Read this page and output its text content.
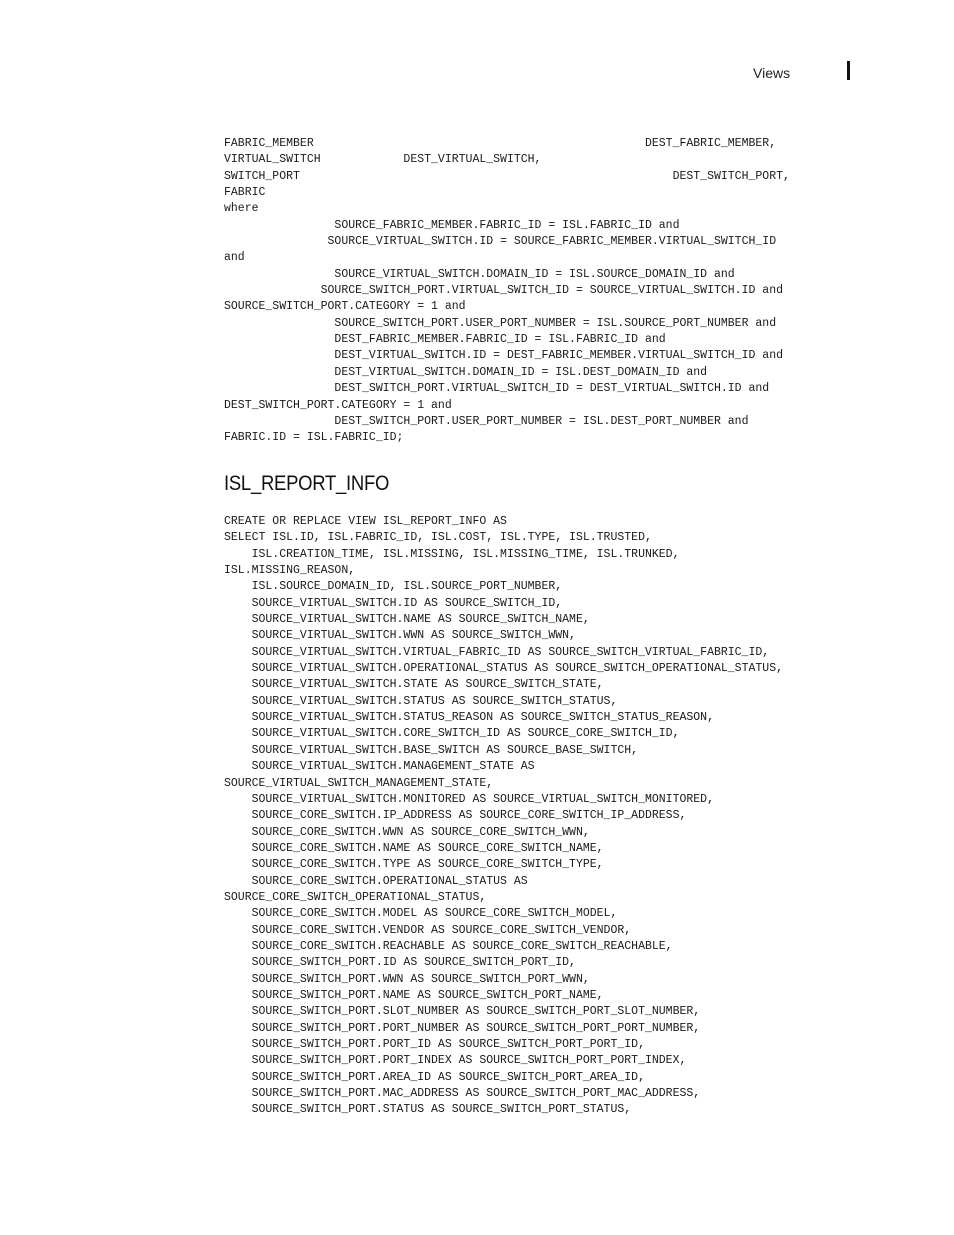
Views
FABRIC_MEMBER                                                DEST_FABRIC_MEMBER,
VIRTUAL_SWITCH            DEST_VIRTUAL_SWITCH,
SWITCH_PORT                                                      DEST_SWITCH_PORT,
FABRIC
where
SOURCE_FABRIC_MEMBER.FABRIC_ID = ISL.FABRIC_ID and
SOURCE_VIRTUAL_SWITCH.ID = SOURCE_FABRIC_MEMBER.VIRTUAL_SWITCH_ID
and
SOURCE_VIRTUAL_SWITCH.DOMAIN_ID = ISL.SOURCE_DOMAIN_ID and
SOURCE_SWITCH_PORT.VIRTUAL_SWITCH_ID = SOURCE_VIRTUAL_SWITCH.ID and
SOURCE_SWITCH_PORT.CATEGORY = 1 and
SOURCE_SWITCH_PORT.USER_PORT_NUMBER = ISL.SOURCE_PORT_NUMBER and
DEST_FABRIC_MEMBER.FABRIC_ID = ISL.FABRIC_ID and
DEST_VIRTUAL_SWITCH.ID = DEST_FABRIC_MEMBER.VIRTUAL_SWITCH_ID and
DEST_VIRTUAL_SWITCH.DOMAIN_ID = ISL.DEST_DOMAIN_ID and
DEST_SWITCH_PORT.VIRTUAL_SWITCH_ID = DEST_VIRTUAL_SWITCH.ID and
DEST_SWITCH_PORT.CATEGORY = 1 and
DEST_SWITCH_PORT.USER_PORT_NUMBER = ISL.DEST_PORT_NUMBER and
FABRIC.ID = ISL.FABRIC_ID;
ISL_REPORT_INFO
CREATE OR REPLACE VIEW ISL_REPORT_INFO AS
SELECT ISL.ID, ISL.FABRIC_ID, ISL.COST, ISL.TYPE, ISL.TRUSTED,
ISL.CREATION_TIME, ISL.MISSING, ISL.MISSING_TIME, ISL.TRUNKED,
ISL.MISSING_REASON,
ISL.SOURCE_DOMAIN_ID, ISL.SOURCE_PORT_NUMBER,
SOURCE_VIRTUAL_SWITCH.ID AS SOURCE_SWITCH_ID,
SOURCE_VIRTUAL_SWITCH.NAME AS SOURCE_SWITCH_NAME,
SOURCE_VIRTUAL_SWITCH.WWN AS SOURCE_SWITCH_WWN,
SOURCE_VIRTUAL_SWITCH.VIRTUAL_FABRIC_ID AS SOURCE_SWITCH_VIRTUAL_FABRIC_ID,
SOURCE_VIRTUAL_SWITCH.OPERATIONAL_STATUS AS SOURCE_SWITCH_OPERATIONAL_STATUS,
SOURCE_VIRTUAL_SWITCH.STATE AS SOURCE_SWITCH_STATE,
SOURCE_VIRTUAL_SWITCH.STATUS AS SOURCE_SWITCH_STATUS,
SOURCE_VIRTUAL_SWITCH.STATUS_REASON AS SOURCE_SWITCH_STATUS_REASON,
SOURCE_VIRTUAL_SWITCH.CORE_SWITCH_ID AS SOURCE_CORE_SWITCH_ID,
SOURCE_VIRTUAL_SWITCH.BASE_SWITCH AS SOURCE_BASE_SWITCH,
SOURCE_VIRTUAL_SWITCH.MANAGEMENT_STATE AS
SOURCE_VIRTUAL_SWITCH_MANAGEMENT_STATE,
SOURCE_VIRTUAL_SWITCH.MONITORED AS SOURCE_VIRTUAL_SWITCH_MONITORED,
SOURCE_CORE_SWITCH.IP_ADDRESS AS SOURCE_CORE_SWITCH_IP_ADDRESS,
SOURCE_CORE_SWITCH.WWN AS SOURCE_CORE_SWITCH_WWN,
SOURCE_CORE_SWITCH.NAME AS SOURCE_CORE_SWITCH_NAME,
SOURCE_CORE_SWITCH.TYPE AS SOURCE_CORE_SWITCH_TYPE,
SOURCE_CORE_SWITCH.OPERATIONAL_STATUS AS
SOURCE_CORE_SWITCH_OPERATIONAL_STATUS,
SOURCE_CORE_SWITCH.MODEL AS SOURCE_CORE_SWITCH_MODEL,
SOURCE_CORE_SWITCH.VENDOR AS SOURCE_CORE_SWITCH_VENDOR,
SOURCE_CORE_SWITCH.REACHABLE AS SOURCE_CORE_SWITCH_REACHABLE,
SOURCE_SWITCH_PORT.ID AS SOURCE_SWITCH_PORT_ID,
SOURCE_SWITCH_PORT.WWN AS SOURCE_SWITCH_PORT_WWN,
SOURCE_SWITCH_PORT.NAME AS SOURCE_SWITCH_PORT_NAME,
SOURCE_SWITCH_PORT.SLOT_NUMBER AS SOURCE_SWITCH_PORT_SLOT_NUMBER,
SOURCE_SWITCH_PORT.PORT_NUMBER AS SOURCE_SWITCH_PORT_PORT_NUMBER,
SOURCE_SWITCH_PORT.PORT_ID AS SOURCE_SWITCH_PORT_PORT_ID,
SOURCE_SWITCH_PORT.PORT_INDEX AS SOURCE_SWITCH_PORT_PORT_INDEX,
SOURCE_SWITCH_PORT.AREA_ID AS SOURCE_SWITCH_PORT_AREA_ID,
SOURCE_SWITCH_PORT.MAC_ADDRESS AS SOURCE_SWITCH_PORT_MAC_ADDRESS,
SOURCE_SWITCH_PORT.STATUS AS SOURCE_SWITCH_PORT_STATUS,
